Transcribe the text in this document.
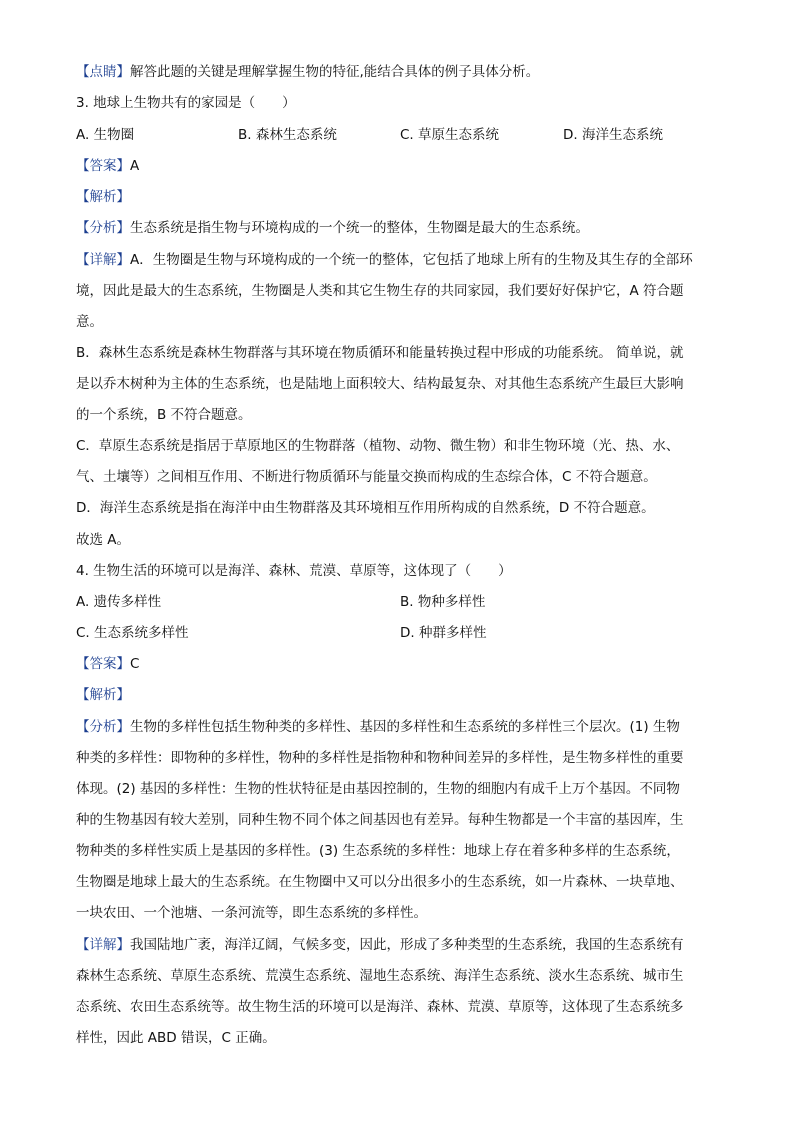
【点睛】解答此题的关键是理解掌握生物的特征,能结合具体的例子具体分析。
3. 地球上生物共有的家园是（　　）
A. 生物圈	B. 森林生态系统	C. 草原生态系统	D. 海洋生态系统
【答案】A
【解析】
【分析】生态系统是指生物与环境构成的一个统一的整体，生物圈是最大的生态系统。
【详解】A．生物圈是生物与环境构成的一个统一的整体，它包括了地球上所有的生物及其生存的全部环
境，因此是最大的生态系统，生物圈是人类和其它生物生存的共同家园，我们要好好保护它，A 符合题
意。
B．森林生态系统是森林生物群落与其环境在物质循环和能量转换过程中形成的功能系统。 简单说，就
是以乔木树种为主体的生态系统，也是陆地上面积较大、结构最复杂、对其他生态系统产生最巨大影响
的一个系统，B 不符合题意。
C．草原生态系统是指居于草原地区的生物群落（植物、动物、微生物）和非生物环境（光、热、水、
气、土壤等）之间相互作用、不断进行物质循环与能量交换而构成的生态综合体，C 不符合题意。
D．海洋生态系统是指在海洋中由生物群落及其环境相互作用所构成的自然系统，D 不符合题意。
故选 A。
4. 生物生活的环境可以是海洋、森林、荒漠、草原等，这体现了（　　）
A. 遗传多样性	B. 物种多样性
C. 生态系统多样性	D. 种群多样性
【答案】C
【解析】
【分析】生物的多样性包括生物种类的多样性、基因的多样性和生态系统的多样性三个层次。(1) 生物
种类的多样性：即物种的多样性，物种的多样性是指物种和物种间差异的多样性，是生物多样性的重要
体现。(2) 基因的多样性：生物的性状特征是由基因控制的，生物的细胞内有成千上万个基因。不同物
种的生物基因有较大差别，同种生物不同个体之间基因也有差异。每种生物都是一个丰富的基因库，生
物种类的多样性实质上是基因的多样性。(3) 生态系统的多样性：地球上存在着多种多样的生态系统，
生物圈是地球上最大的生态系统。在生物圈中又可以分出很多小的生态系统，如一片森林、一块草地、
一块农田、一个池塘、一条河流等，即生态系统的多样性。
【详解】我国陆地广袤，海洋辽阔，气候多变，因此，形成了多种类型的生态系统，我国的生态系统有
森林生态系统、草原生态系统、荒漠生态系统、湿地生态系统、海洋生态系统、淡水生态系统、城市生
态系统、农田生态系统等。故生物生活的环境可以是海洋、森林、荒漠、草原等，这体现了生态系统多
样性，因此 ABD 错误，C 正确。
